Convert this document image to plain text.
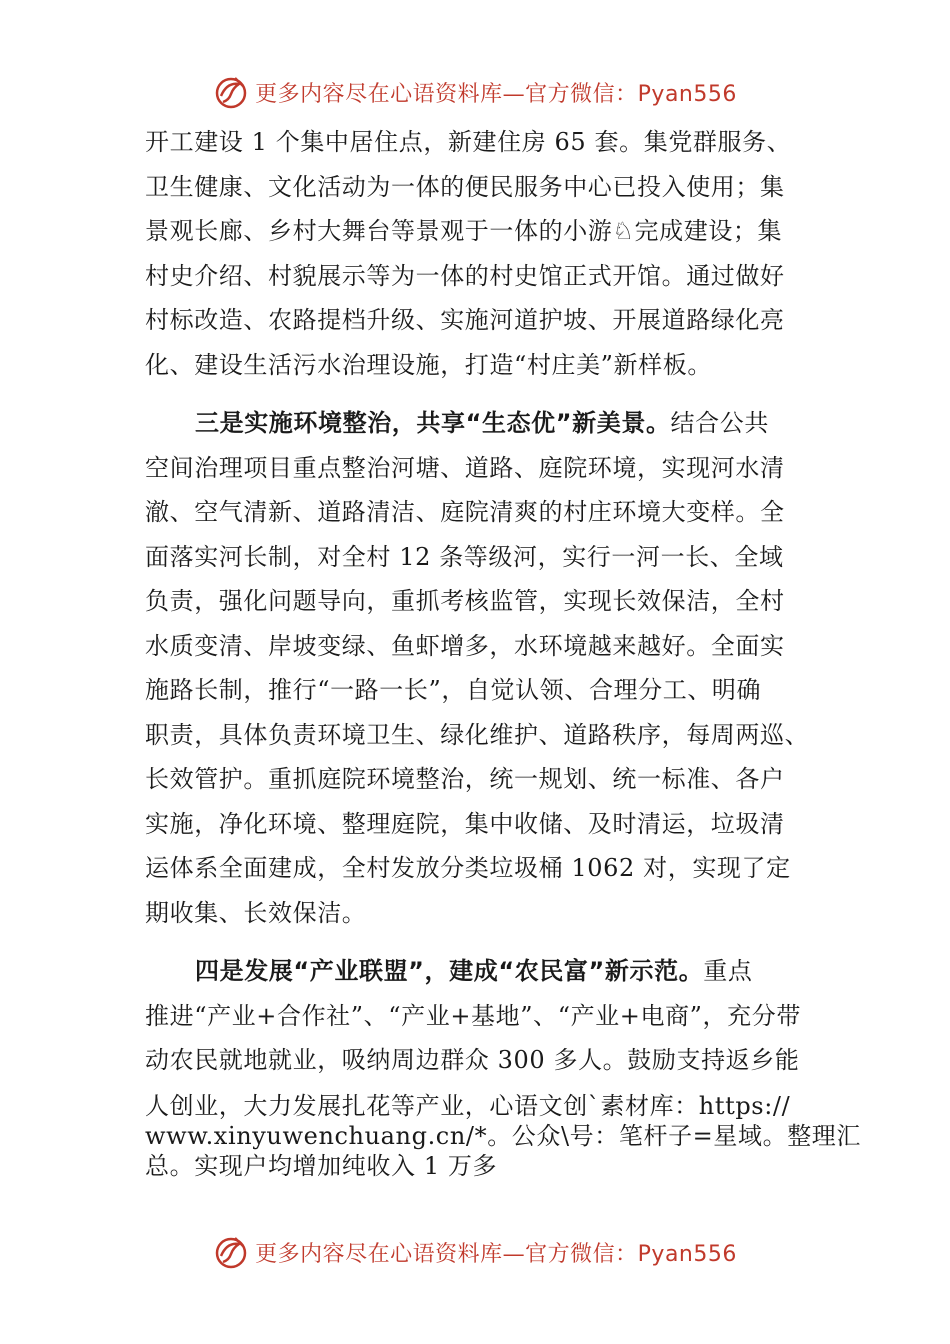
更多内容尽在心语资料库—官方微信：Pyan556
开工建设 1 个集中居住点，新建住房 65 套。集党群服务、
卫生健康、文化活动为一体的便民服务中心已投入使用；集
景观长廊、乡村大舞台等景观于一体的小游♘完成建设；集
村史介绍、村貌展示等为一体的村史馆正式开馆。通过做好
村标改造、农路提档升级、实施河道护坡、开展道路绿化亮
化、建设生活污水治理设施，打造“村庄美”新样板。
三是实施环境整治，共享“生态优”新美景。结合公共
空间治理项目重点整治河塘、道路、庭院环境，实现河水清
澈、空气清新、道路清洁、庭院清爽的村庄环境大变样。全
面落实河长制，对全村 12 条等级河，实行一河一长、全域
负责，强化问题导向，重抓考核监管，实现长效保洁，全村
水质变清、岸坡变绿、鱼虾增多，水环境越来越好。全面实
施路长制，推行“一路一长”，自觉认领、合理分工、明确
职责，具体负责环境卫生、绿化维护、道路秩序，每周两巡、
长效管护。重抓庭院环境整治，统一规划、统一标准、各户
实施，净化环境、整理庭院，集中收储、及时清运，垃圾清
运体系全面建成，全村发放分类垃圾桶 1062 对，实现了定
期收集、长效保洁。
四是发展“产业联盟”，建成“农民富”新示范。重点
推进“产业+合作社”、“产业+基地”、“产业+电商”，充分带
动农民就地就业，吸纳周边群众 300 多人。鼓励支持返乡能
人创业，大力发展扎花等产业，心语文创`素材库：https://
www.xinyuwenchuang.cn/*。公众\号：笔杆子=星域。整理汇
总。实现户均增加纯收入 1 万多
更多内容尽在心语资料库—官方微信：Pyan556
